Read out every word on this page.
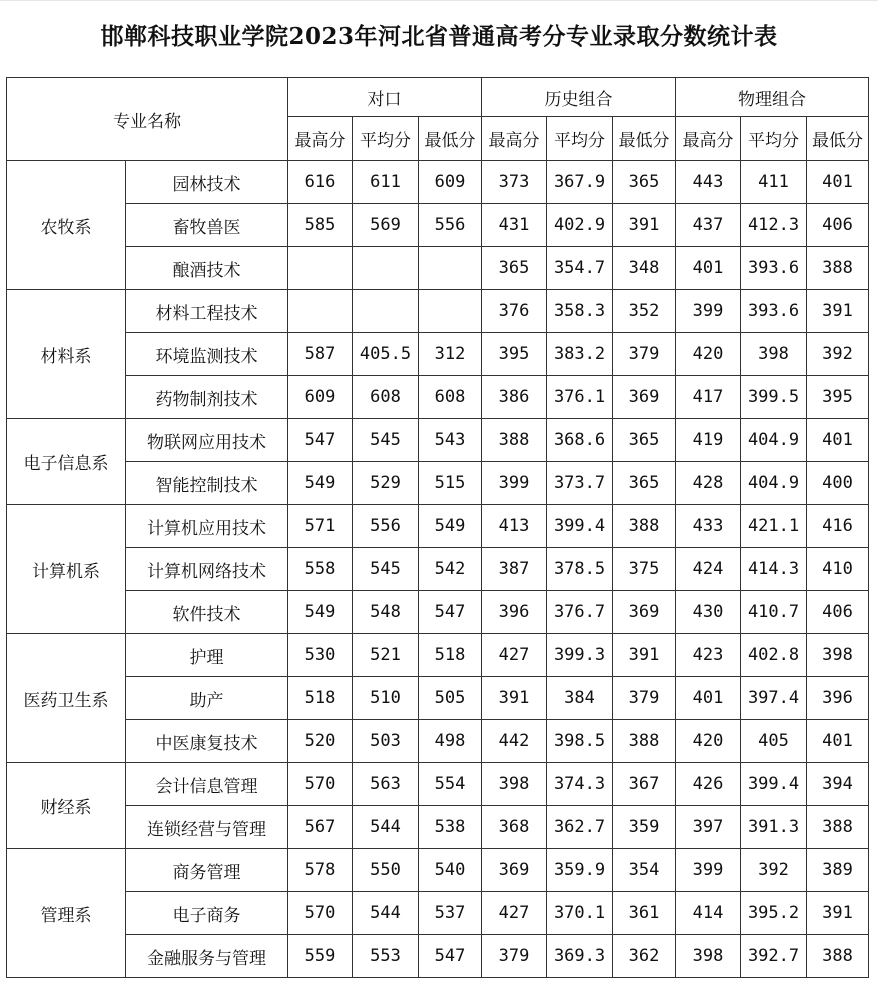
邯郸科技职业学院2023年河北省普通高考分专业录取分数统计表
专业名称		对口			历史组合			物理组合		
		最高分	平均分	最低分	最高分	平均分	最低分	最高分	平均分	最低分
农牧系	园林技术	616	611	609	373	367.9	365	443	411	401
	畜牧兽医	585	569	556	431	402.9	391	437	412.3	406
	酿酒技术				365	354.7	348	401	393.6	388
材料系	材料工程技术				376	358.3	352	399	393.6	391
	环境监测技术	587	405.5	312	395	383.2	379	420	398	392
	药物制剂技术	609	608	608	386	376.1	369	417	399.5	395
电子信息系	物联网应用技术	547	545	543	388	368.6	365	419	404.9	401
	智能控制技术	549	529	515	399	373.7	365	428	404.9	400
计算机系	计算机应用技术	571	556	549	413	399.4	388	433	421.1	416
	计算机网络技术	558	545	542	387	378.5	375	424	414.3	410
	软件技术	549	548	547	396	376.7	369	430	410.7	406
医药卫生系	护理	530	521	518	427	399.3	391	423	402.8	398
	助产	518	510	505	391	384	379	401	397.4	396
	中医康复技术	520	503	498	442	398.5	388	420	405	401
财经系	会计信息管理	570	563	554	398	374.3	367	426	399.4	394
	连锁经营与管理	567	544	538	368	362.7	359	397	391.3	388
管理系	商务管理	578	550	540	369	359.9	354	399	392	389
	电子商务	570	544	537	427	370.1	361	414	395.2	391
	金融服务与管理	559	553	547	379	369.3	362	398	392.7	388
